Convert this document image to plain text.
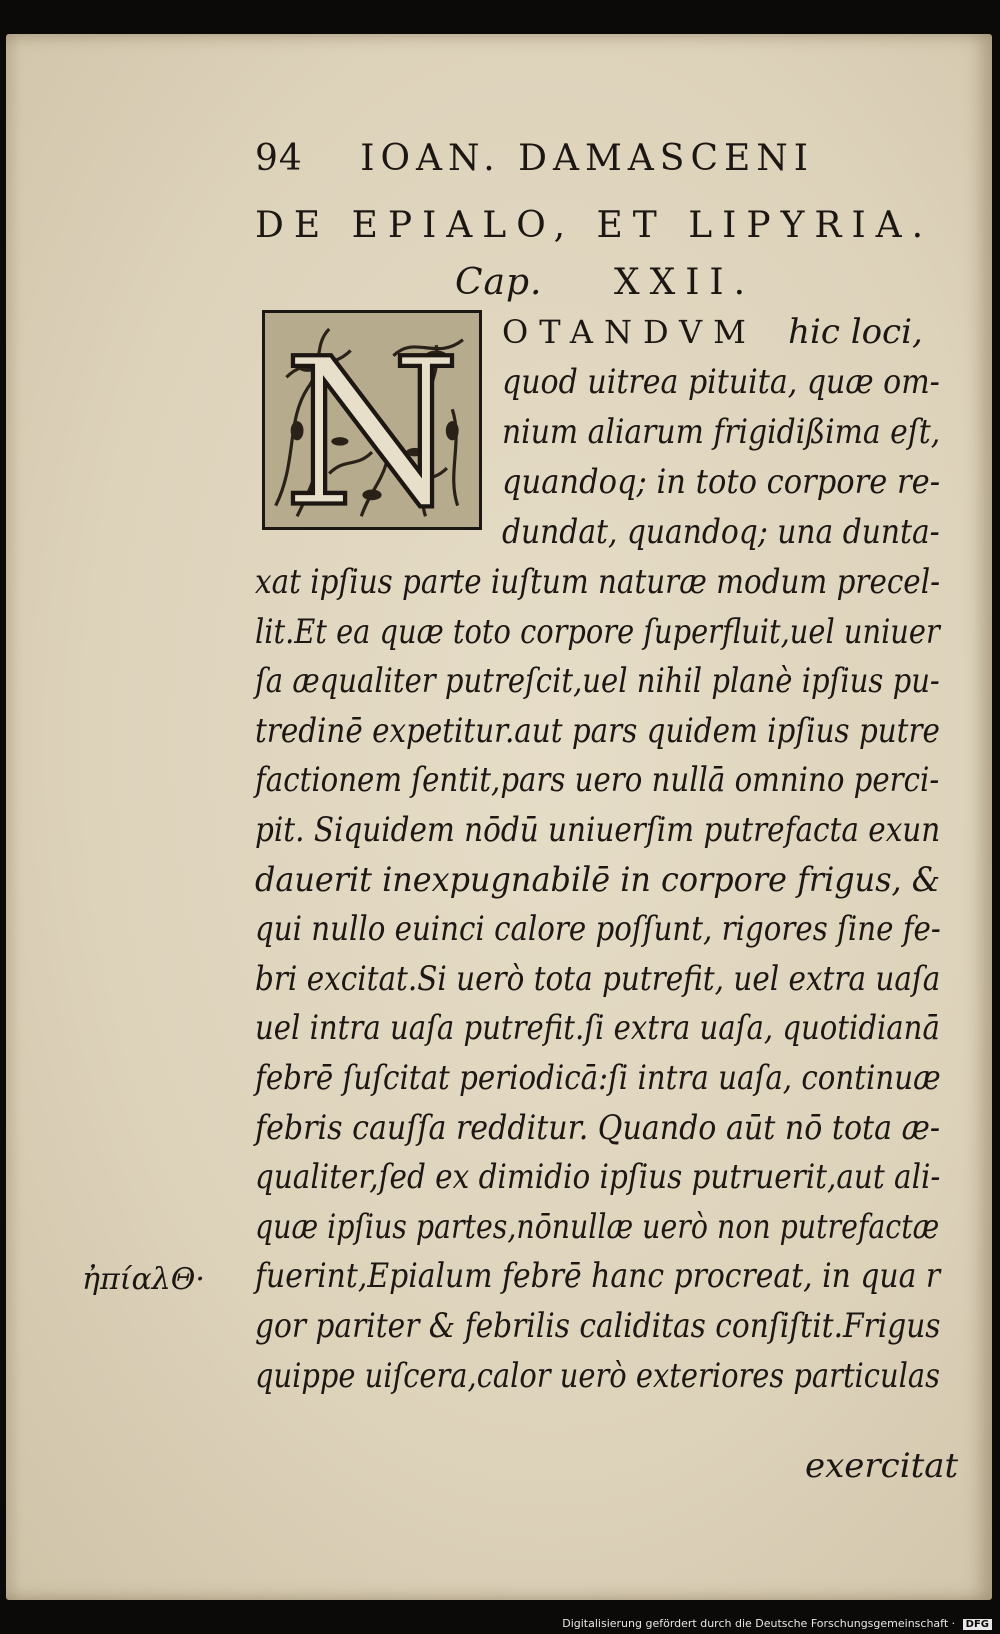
94 IOAN. DAMASCENI
DE EPIALO, ET LIPYRIA.
Cap. XXII.
N OTANDVM hic loci,
quod uitrea pituita, quæ om-
nium aliarum frigidißima eſt,
quandoq; in toto corpore re-
dundat, quandoq; una dunta-
xat ipſius parte iuſtum naturæ modum precel-
lit.Et ea quæ toto corpore ſuperfluit,uel uniuer
ſa æqualiter putreſcit,uel nihil planè ipſius pu-
tredinē expetitur.aut pars quidem ipſius putre
factionem ſentit,pars uero nullā omnino perci-
pit. Siquidem nōdū uniuerſim putrefacta exun
dauerit inexpugnabilē in corpore frigus, &
qui nullo euinci calore poſſunt, rigores ſine fe-
bri excitat.Si uerò tota putrefit, uel extra uaſa
uel intra uaſa putrefit.ſi extra uaſa, quotidianā
febrē ſuſcitat periodicā:ſi intra uaſa, continuæ
febris cauſſa redditur. Quando aūt nō tota æ-
qualiter,ſed ex dimidio ipſius putruerit,aut ali-
quæ ipſius partes,nōnullæ uerò non putrefactæ
fuerint,Epialum febrē hanc procreat, in qua r
gor pariter & febrilis caliditas conſiſtit.Frigus
quippe uiſcera,calor uerò exteriores particulas
ἠπίαλΘ·
exercitat
Digitalisierung gefördert durch die Deutsche Forschungsgemeinschaft · DFG
